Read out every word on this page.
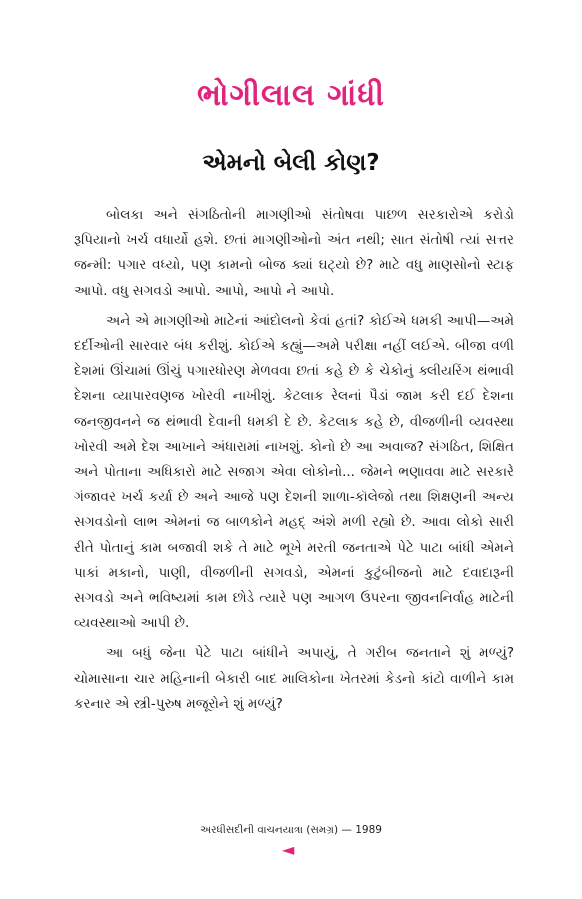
ભોગીલાલ ગાંધી
એમનો બેલી કોણ?

બોલકા અને સંગઠિતોની માગણીઓ સંતોષવા પાછળ સરકારોએ કરોડો રૂપિયાનો ખર્ચ વધાર્યો હશે. છતાં માગણીઓનો અંત નથી; સાત સંતોષી ત્યાં સત્તર જન્મી: પગાર વધ્યો, પણ કામનો બોજ ક્યાં ઘટ્યો છે? માટે વધુ માણસોનો સ્ટાફ આપો. વધુ સગવડો આપો. આપો, આપો ને આપો.

અને એ માગણીઓ માટેનાં આંદોલનો કેવાં હતાં? કોઈએ ધમકી આપી—અમે દર્દીઓની સારવાર બંધ કરીશું. કોઈએ કહ્યું—અમે પરીક્ષા નહીં લઈએ. બીજા વળી દેશમાં ઊંચામાં ઊંચું પગારધોરણ મેળવવા છતાં કહે છે કે ચેકોનું ક્લીયરિંગ થંભાવી દેશના વ્યાપારવણજ ખોરવી નાખીશું. કેટલાક રેલનાં પૈડાં જામ કરી દઈ દેશના જનજીવનને જ થંભાવી દેવાની ધમકી દે છે. કેટલાક કહે છે, વીજળીની વ્યવસ્થા ખોરવી અમે દેશ આખાને અંધારામાં નાખશું. કોનો છે આ અવાજ? સંગઠિત, શિક્ષિત અને પોતાના અધિકારો માટે સજાગ એવા લોકોનો... જેમને ભણાવવા માટે સરકારે ગંજાવર ખર્ચ કર્યા છે અને આજે પણ દેશની શાળા-કૉલેજો તથા શિક્ષણની અન્ય સગવડોનો લાભ એમનાં જ બાળકોને મહદ્ અંશે મળી રહ્યો છે. આવા લોકો સારી રીતે પોતાનું કામ બજાવી શકે તે માટે ભૂખે મરતી જનતાએ પેટે પાટા બાંધી એમને પાકાં મકાનો, પાણી, વીજળીની સગવડો, એમનાં કુટુંબીજનો માટે દવાદારૂની સગવડો અને ભવિષ્યમાં કામ છોડે ત્યારે પણ આગળ ઉપરના જીવનનિર્વાહ માટેની વ્યવસ્થાઓ આપી છે.

આ બધું જેના પેટે પાટા બાંધીને અપાયું, તે ગરીબ જનતાને શું મળ્યું? ચોમાસાના ચાર મહિનાની બેકારી બાદ માલિકોના ખેતરમાં કેડનો કાંટો વાળીને કામ કરનાર એ સ્ત્રી-પુરુષ મજૂરોને શું મળ્યું?

અરધીસદીની વાચનયાત્રા (સમગ્ર) — 1989
◄
